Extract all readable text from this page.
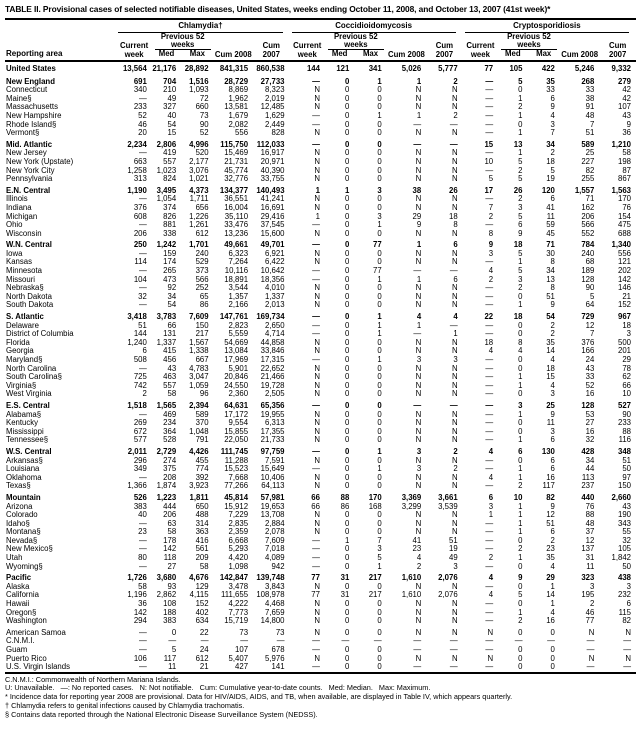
TABLE II. Provisional cases of selected notifiable diseases, United States, weeks ending October 11, 2008, and October 13, 2007 (41st week)*
Reporting area	Chlamydia†					Coccidioidomycosis					Cryptosporidiosis				

	Current week	Previous 52 weeks		Cum 2008	Cum 2007	Current week	Previous 52 weeks		Cum 2008	Cum 2007	Current week	Previous 52 weeks		Cum 2008	Cum 2007
		Med	Max				Med	Max				Med	Max		
United States	13,564	21,176	28,892	841,315	860,538	144	121	341	5,026	5,777	77	105	422	5,246	9,332
New England	691	704	1,516	28,729	27,733	—	0	1	1	2	—	5	35	268	279
Connecticut	340	210	1,093	8,869	8,323	N	0	0	N	N	—	0	33	33	42
Maine§	—	49	72	1,962	2,019	N	0	0	N	N	—	1	6	38	42
Massachusetts	233	327	660	13,581	12,485	N	0	0	N	N	—	2	9	91	107
New Hampshire	52	40	73	1,679	1,629	—	0	1	1	2	—	1	4	48	43
Rhode Island§	46	54	90	2,082	2,449	—	0	0	—	—	—	0	3	7	9
Vermont§	20	15	52	556	828	N	0	0	N	N	—	1	7	51	36
Mid. Atlantic	2,234	2,806	4,996	115,750	112,033	—	0	0	—	—	15	13	34	589	1,210
New Jersey	—	419	520	15,469	16,917	N	0	0	N	N	—	1	2	25	58
New York (Upstate)	663	557	2,177	21,731	20,971	N	0	0	N	N	10	5	18	227	198
New York City	1,258	1,023	3,076	45,774	40,390	N	0	0	N	N	—	2	5	82	87
Pennsylvania	313	824	1,021	32,776	33,755	N	0	0	N	N	5	5	19	255	867
E.N. Central	1,190	3,495	4,373	134,377	140,493	1	1	3	38	26	17	26	120	1,557	1,563
Illinois	—	1,054	1,711	36,551	41,241	N	0	0	N	N	—	2	6	71	170
Indiana	376	374	656	16,004	16,691	N	0	0	N	N	7	3	41	162	76
Michigan	608	826	1,226	35,110	29,416	1	0	3	29	18	2	5	11	206	154
Ohio	—	881	1,261	33,476	37,545	—	0	1	9	8	—	6	59	566	475
Wisconsin	206	338	612	13,236	15,600	N	0	0	N	N	8	9	45	552	688
W.N. Central	250	1,242	1,701	49,661	49,701	—	0	77	1	6	9	18	71	784	1,340
Iowa	—	159	240	6,323	6,921	N	0	0	N	N	3	5	30	240	556
Kansas	114	174	529	7,264	6,422	N	0	0	N	N	—	1	8	68	121
Minnesota	—	265	373	10,116	10,642	—	0	77	—	—	4	5	34	189	202
Missouri	104	473	566	18,891	18,356	—	0	1	1	6	2	3	13	128	142
Nebraska§	—	92	252	3,544	4,010	N	0	0	N	N	—	2	8	90	146
North Dakota	32	34	65	1,357	1,337	N	0	0	N	N	—	0	51	5	21
South Dakota	—	54	86	2,166	2,013	N	0	0	N	N	—	1	9	64	152
S. Atlantic	3,418	3,783	7,609	147,761	169,734	—	0	1	4	4	22	18	54	729	967
Delaware	51	66	150	2,823	2,650	—	0	1	1	—	—	0	2	12	18
District of Columbia	144	131	217	5,559	4,714	—	0	1	—	1	—	0	2	7	3
Florida	1,240	1,337	1,567	54,669	44,858	N	0	0	N	N	18	8	35	376	500
Georgia	6	415	1,338	13,084	33,846	N	0	0	N	N	4	4	14	166	201
Maryland§	508	456	667	17,969	17,315	—	0	1	3	3	—	0	4	24	29
North Carolina	—	43	4,783	5,901	22,652	N	0	0	N	N	—	0	18	43	78
South Carolina§	725	463	3,047	20,846	21,466	N	0	0	N	N	—	1	15	33	62
Virginia§	742	557	1,059	24,550	19,728	N	0	0	N	N	—	1	4	52	66
West Virginia	2	58	96	2,360	2,505	N	0	0	N	N	—	0	3	16	10
E.S. Central	1,518	1,565	2,394	64,631	65,356	—	0	0	—	—	—	3	25	128	527
Alabama§	—	469	589	17,172	19,955	N	0	0	N	N	—	1	9	53	90
Kentucky	269	234	370	9,554	6,313	N	0	0	N	N	—	0	11	27	233
Mississippi	672	364	1,048	15,855	17,355	N	0	0	N	N	—	0	3	16	88
Tennessee§	577	528	791	22,050	21,733	N	0	0	N	N	—	1	6	32	116
W.S. Central	2,011	2,729	4,426	111,745	97,759	—	0	1	3	2	4	6	130	428	348
Arkansas§	296	274	455	11,288	7,591	N	0	0	N	N	—	0	6	34	51
Louisiana	349	375	774	15,523	15,649	—	0	1	3	2	—	1	6	44	50
Oklahoma	—	208	392	7,668	10,406	N	0	0	N	N	4	1	16	113	97
Texas§	1,366	1,874	3,923	77,266	64,113	N	0	0	N	N	—	2	117	237	150
Mountain	526	1,223	1,811	45,814	57,981	66	88	170	3,369	3,661	6	10	82	440	2,660
Arizona	383	444	650	15,912	19,653	66	86	168	3,299	3,539	3	1	9	76	43
Colorado	40	206	488	7,229	13,708	N	0	0	N	N	1	1	12	88	190
Idaho§	—	63	314	2,835	2,884	N	0	0	N	N	—	1	51	48	343
Montana§	23	58	363	2,359	2,078	N	0	0	N	N	—	1	6	37	55
Nevada§	—	178	416	6,668	7,609	—	1	7	41	51	—	0	2	12	32
New Mexico§	—	142	561	5,293	7,018	—	0	3	23	19	—	2	23	137	105
Utah	80	118	209	4,420	4,089	—	0	5	4	49	2	1	35	31	1,842
Wyoming§	—	27	58	1,098	942	—	0	1	2	3	—	0	4	11	50
Pacific	1,726	3,680	4,676	142,847	139,748	77	31	217	1,610	2,076	4	9	29	323	438
Alaska	58	93	129	3,478	3,843	N	0	0	N	N	—	0	1	3	3
California	1,196	2,862	4,115	111,655	108,978	77	31	217	1,610	2,076	4	5	14	195	232
Hawaii	36	108	152	4,222	4,468	N	0	0	N	N	—	0	1	2	6
Oregon§	142	188	402	7,773	7,659	N	0	0	N	N	—	1	4	46	115
Washington	294	383	634	15,719	14,800	N	0	0	N	N	—	2	16	77	82
American Samoa	—	0	22	73	73	N	0	0	N	N	N	0	0	N	N
C.N.M.I.	—	—	—	—	—	—	—	—	—	—	—	—	—	—	—
Guam	—	5	24	107	678	—	0	0	—	—	—	0	0	—	—
Puerto Rico	106	117	612	5,407	5,976	N	0	0	N	N	N	0	0	N	N
U.S. Virgin Islands	—	11	21	427	141	—	0	0	—	—	—	0	0	—	—
C.N.M.I.: Commonwealth of Northern Mariana Islands.
U: Unavailable.   —: No reported cases.   N: Not notifiable.   Cum: Cumulative year-to-date counts.   Med: Median.   Max: Maximum.
* Incidence data for reporting year 2008 are provisional. Data for HIV/AIDS, AIDS, and TB, when available, are displayed in Table IV, which appears quarterly.
† Chlamydia refers to genital infections caused by Chlamydia trachomatis.
§ Contains data reported through the National Electronic Disease Surveillance System (NEDSS).
